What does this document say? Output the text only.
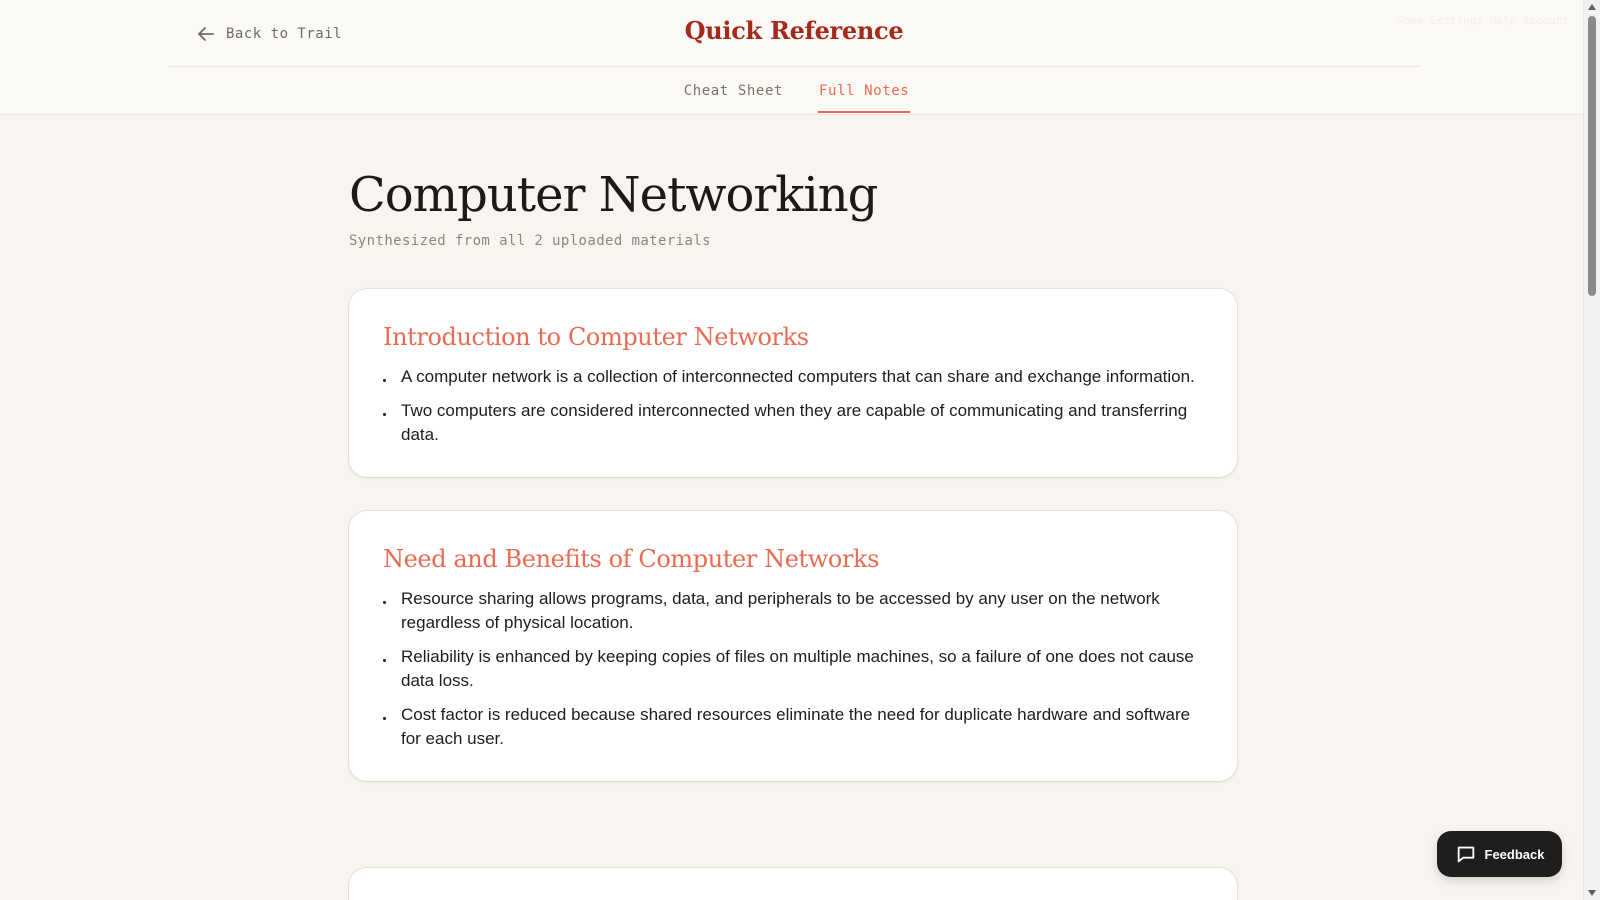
Back to Trail	Quick Reference	Home Settings Help Account
Cheat Sheet	Full Notes
Computer Networking
Synthesized from all 2 uploaded materials
Introduction to Computer Networks
A computer network is a collection of interconnected computers that can share and exchange information.
Two computers are considered interconnected when they are capable of communicating and transferring data.
Need and Benefits of Computer Networks
Resource sharing allows programs, data, and peripherals to be accessed by any user on the network regardless of physical location.
Reliability is enhanced by keeping copies of files on multiple machines, so a failure of one does not cause data loss.
Cost factor is reduced because shared resources eliminate the need for duplicate hardware and software for each user.
Feedback
